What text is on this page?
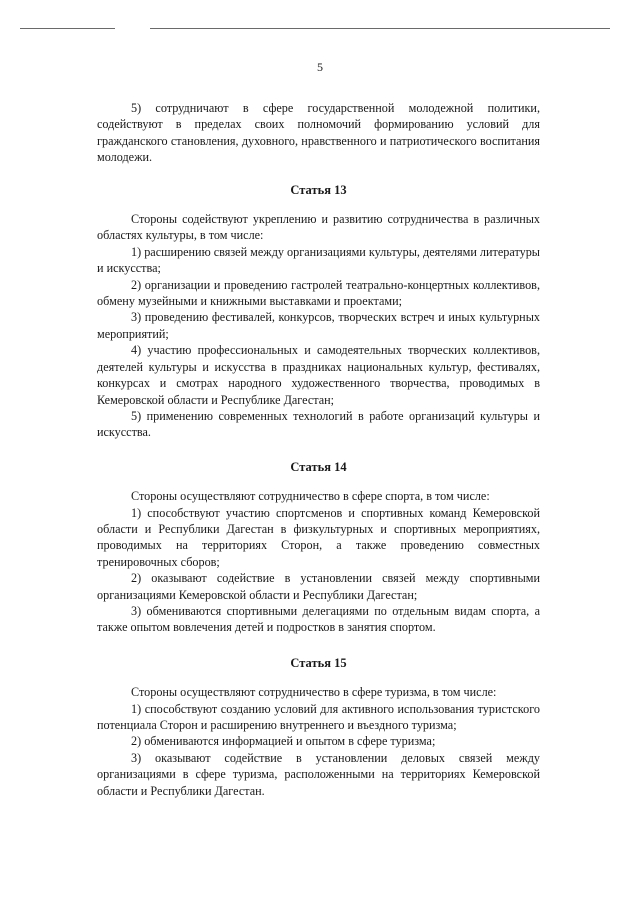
5

5) сотрудничают в сфере государственной молодежной политики, содействуют в пределах своих полномочий формированию условий для гражданского становления, духовного, нравственного и патриотического воспитания молодежи.

Статья 13

Стороны содействуют укреплению и развитию сотрудничества в различных областях культуры, в том числе:

1) расширению связей между организациями культуры, деятелями литературы и искусства;

2) организации и проведению гастролей театрально-концертных коллективов, обмену музейными и книжными выставками и проектами;

3) проведению фестивалей, конкурсов, творческих встреч и иных культурных мероприятий;

4) участию профессиональных и самодеятельных творческих коллективов, деятелей культуры и искусства в праздниках национальных культур, фестивалях, конкурсах и смотрах народного художественного творчества, проводимых в Кемеровской области и Республике Дагестан;

5) применению современных технологий в работе организаций культуры и искусства.

Статья 14

Стороны осуществляют сотрудничество в сфере спорта, в том числе:

1) способствуют участию спортсменов и спортивных команд Кемеровской области и Республики Дагестан в физкультурных и спортивных мероприятиях, проводимых на территориях Сторон, а также проведению совместных тренировочных сборов;

2) оказывают содействие в установлении связей между спортивными организациями Кемеровской области и Республики Дагестан;

3) обмениваются спортивными делегациями по отдельным видам спорта, а также опытом вовлечения детей и подростков в занятия спортом.

Статья 15

Стороны осуществляют сотрудничество в сфере туризма, в том числе:

1) способствуют созданию условий для активного использования туристского потенциала Сторон и расширению внутреннего и въездного туризма;

2) обмениваются информацией и опытом в сфере туризма;

3) оказывают содействие в установлении деловых связей между организациями в сфере туризма, расположенными на территориях Кемеровской области и Республики Дагестан.
